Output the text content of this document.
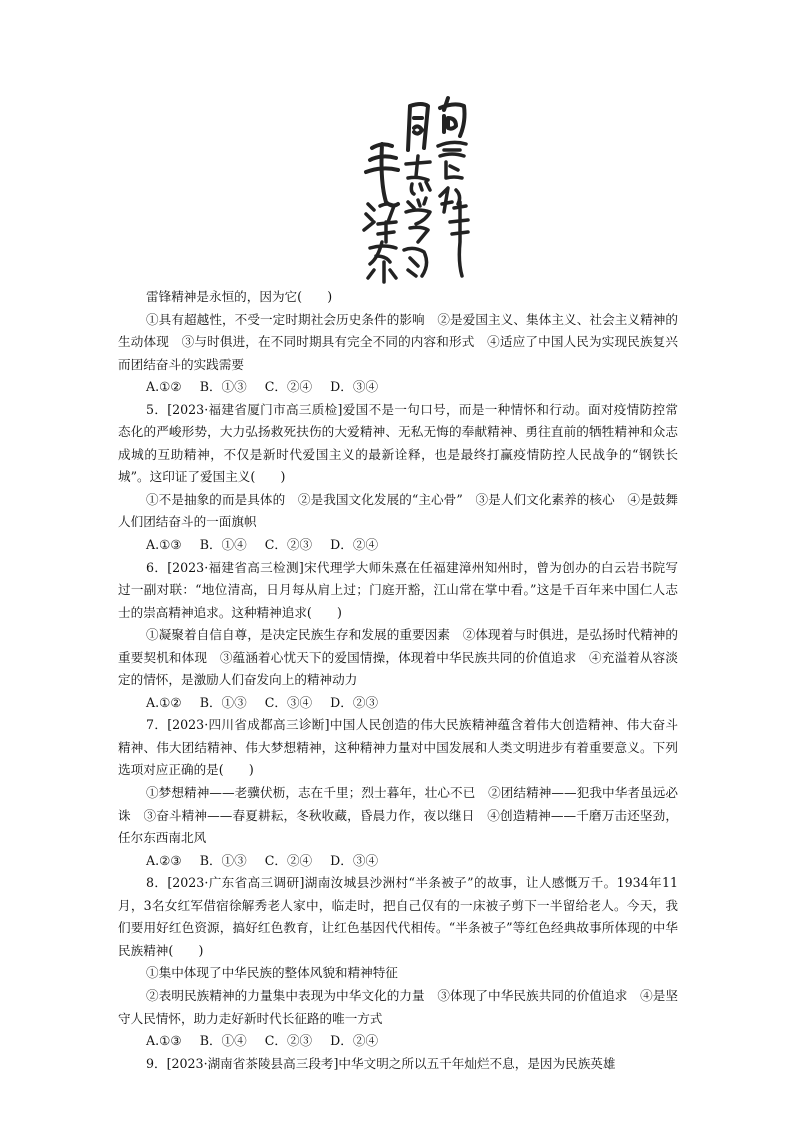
雷锋精神是永恒的，因为它(　　)

①具有超越性，不受一定时期社会历史条件的影响　②是爱国主义、集体主义、社会主义精神的生动体现　③与时俱进，在不同时期具有完全不同的内容和形式　④适应了中国人民为实现民族复兴而团结奋斗的实践需要

A.①② B．①③ C．②④ D．③④

5．[2023·福建省厦门市高三质检]爱国不是一句口号，而是一种情怀和行动。面对疫情防控常态化的严峻形势，大力弘扬救死扶伤的大爱精神、无私无悔的奉献精神、勇往直前的牺牲精神和众志成城的互助精神，不仅是新时代爱国主义的最新诠释，也是最终打赢疫情防控人民战争的“钢铁长城”。这印证了爱国主义(　　)

①不是抽象的而是具体的　②是我国文化发展的“主心骨”　③是人们文化素养的核心　④是鼓舞人们团结奋斗的一面旗帜

A.①③ B．①④ C．②③ D．②④

6．[2023·福建省高三检测]宋代理学大师朱熹在任福建漳州知州时，曾为创办的白云岩书院写过一副对联：“地位清高，日月每从肩上过；门庭开豁，江山常在掌中看。”这是千百年来中国仁人志士的崇高精神追求。这种精神追求(　　)

①凝聚着自信自尊，是决定民族生存和发展的重要因素　②体现着与时俱进，是弘扬时代精神的重要契机和体现　③蕴涵着心忧天下的爱国情操，体现着中华民族共同的价值追求　④充溢着从容淡定的情怀，是激励人们奋发向上的精神动力

A.①② B．①③ C．③④ D．②③

7．[2023·四川省成都高三诊断]中国人民创造的伟大民族精神蕴含着伟大创造精神、伟大奋斗精神、伟大团结精神、伟大梦想精神，这种精神力量对中国发展和人类文明进步有着重要意义。下列选项对应正确的是(　　)

①梦想精神——老骥伏枥，志在千里；烈士暮年，壮心不已　②团结精神——犯我中华者虽远必诛　③奋斗精神——春夏耕耘，冬秋收藏，昏晨力作，夜以继日　④创造精神——千磨万击还坚劲，任尔东西南北风

A.②③ B．①③ C．②④ D．③④

8．[2023·广东省高三调研]湖南汝城县沙洲村“半条被子”的故事，让人感慨万千。1934年11月，3名女红军借宿徐解秀老人家中，临走时，把自己仅有的一床被子剪下一半留给老人。今天，我们要用好红色资源，搞好红色教育，让红色基因代代相传。“半条被子”等红色经典故事所体现的中华民族精神(　　)

①集中体现了中华民族的整体风貌和精神特征

②表明民族精神的力量集中表现为中华文化的力量　③体现了中华民族共同的价值追求　④是坚守人民情怀，助力走好新时代长征路的唯一方式

A.①③ B．①④ C．②③ D．②④

9．[2023·湖南省茶陵县高三段考]中华文明之所以五千年灿烂不息，是因为民族英雄
